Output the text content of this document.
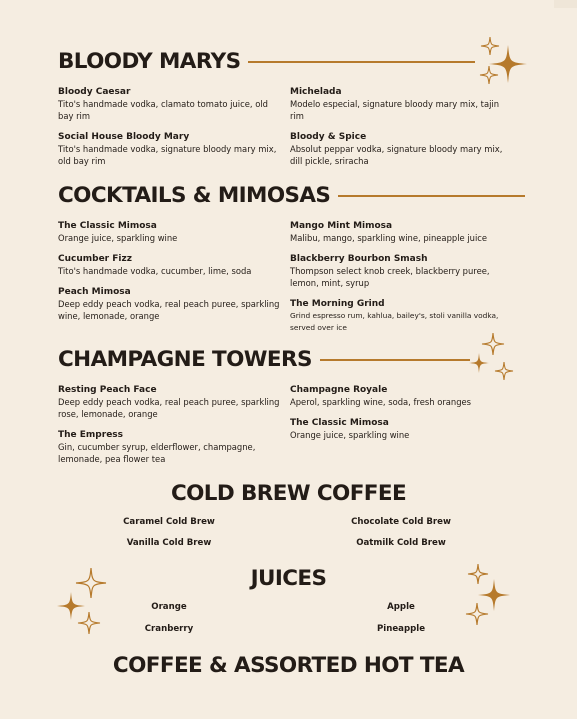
BLOODY MARYS
Bloody Caesar
Tito's handmade vodka, clamato tomato juice, old bay rim
Michelada
Modelo especial, signature bloody mary mix, tajin rim
Social House Bloody Mary
Tito's handmade vodka, signature bloody mary mix, old bay rim
Bloody & Spice
Absolut peppar vodka, signature bloody mary mix, dill pickle, sriracha
COCKTAILS & MIMOSAS
The Classic Mimosa
Orange juice, sparkling wine
Mango Mint Mimosa
Malibu, mango, sparkling wine, pineapple juice
Cucumber Fizz
Tito's handmade vodka, cucumber, lime, soda
Blackberry Bourbon Smash
Thompson select knob creek, blackberry puree, lemon, mint, syrup
Peach Mimosa
Deep eddy peach vodka, real peach puree, sparkling wine, lemonade, orange
The Morning Grind
Grind espresso rum, kahlua, bailey's, stoli vanilla vodka, served over ice
CHAMPAGNE TOWERS
Resting Peach Face
Deep eddy peach vodka, real peach puree, sparkling rose, lemonade, orange
Champagne Royale
Aperol, sparkling wine, soda, fresh oranges
The Empress
Gin, cucumber syrup, elderflower, champagne, lemonade, pea flower tea
The Classic Mimosa
Orange juice, sparkling wine
COLD BREW COFFEE
Caramel Cold Brew	Chocolate Cold Brew
Vanilla Cold Brew	Oatmilk Cold Brew
JUICES
Orange	Apple
Cranberry	Pineapple
COFFEE & ASSORTED HOT TEA
